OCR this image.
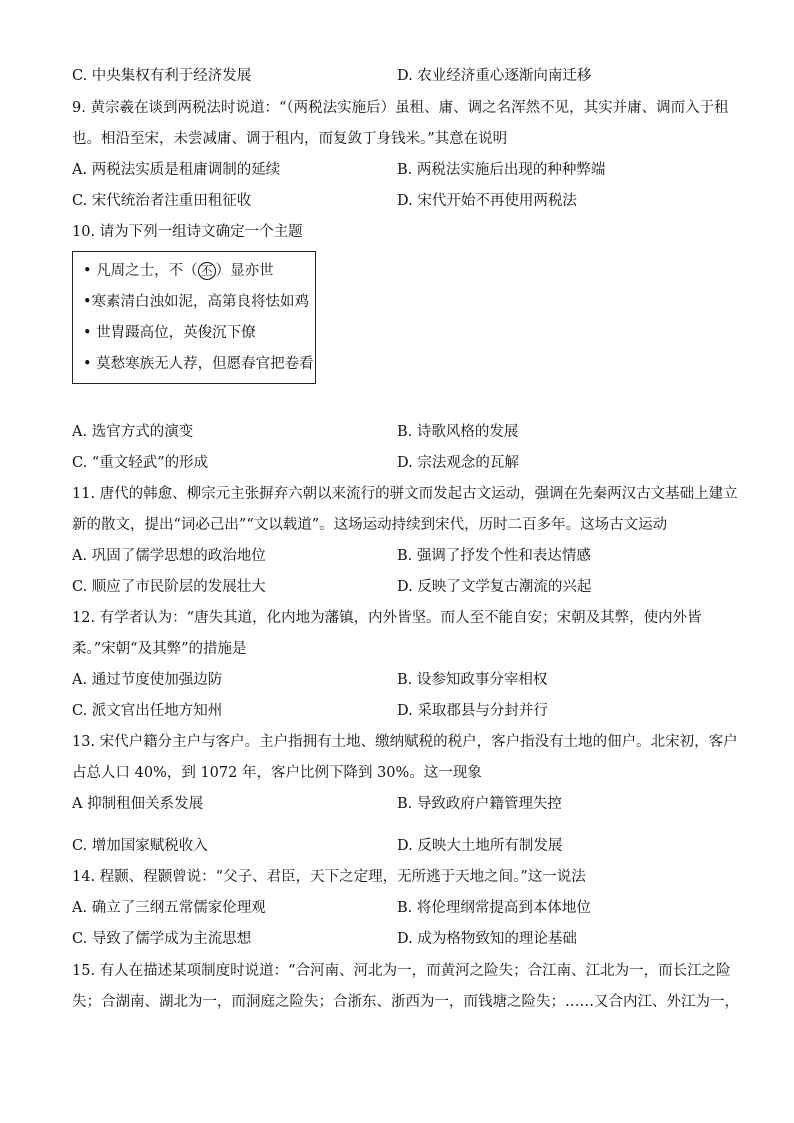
C. 中央集权有利于经济发展	D. 农业经济重心逐渐向南迁移
9. 黄宗羲在谈到两税法时说道：“（两税法实施后）虽租、庸、调之名浑然不见，其实并庸、调而入于租
也。相沿至宋，未尝减庸、调于租内，而复敛丁身钱米。”其意在说明
A. 两税法实质是租庸调制的延续	B. 两税法实施后出现的种种弊端
C. 宋代统治者注重田租征收	D. 宋代开始不再使用两税法
10. 请为下列一组诗文确定一个主题
• 凡周之士，不（ 丕 ）显亦世
•寒素清白浊如泥，高第良将怯如鸡
• 世胄蹑高位，英俊沉下僚
• 莫愁寒族无人荐，但愿春官把卷看
A. 选官方式的演变	B. 诗歌风格的发展
C. “重文轻武”的形成	D. 宗法观念的瓦解
11. 唐代的韩愈、柳宗元主张摒弃六朝以来流行的骈文而发起古文运动，强调在先秦两汉古文基础上建立
新的散文，提出“词必己出”“文以载道”。这场运动持续到宋代，历时二百多年。这场古文运动
A. 巩固了儒学思想的政治地位	B. 强调了抒发个性和表达情感
C. 顺应了市民阶层的发展壮大	D. 反映了文学复古潮流的兴起
12. 有学者认为：“唐失其道，化内地为藩镇，内外皆坚。而人至不能自安；宋朝及其弊，使内外皆
柔。”宋朝“及其弊”的措施是
A. 通过节度使加强边防	B. 设参知政事分宰相权
C. 派文官出任地方知州	D. 采取郡县与分封并行
13. 宋代户籍分主户与客户。主户指拥有土地、缴纳赋税的税户，客户指没有土地的佃户。北宋初，客户
占总人口 40%，到 1072 年，客户比例下降到 30%。这一现象
A 抑制租佃关系发展	B. 导致政府户籍管理失控
C. 增加国家赋税收入	D. 反映大土地所有制发展
14. 程颢、程颢曾说：“父子、君臣，天下之定理，无所逃于天地之间。”这一说法
A. 确立了三纲五常儒家伦理观	B. 将伦理纲常提高到本体地位
C. 导致了儒学成为主流思想	D. 成为格物致知的理论基础
15. 有人在描述某项制度时说道：“合河南、河北为一，而黄河之险失；合江南、江北为一，而长江之险
失；合湖南、湖北为一，而洞庭之险失；合浙东、浙西为一，而钱塘之险失；……又合内江、外江为一，
